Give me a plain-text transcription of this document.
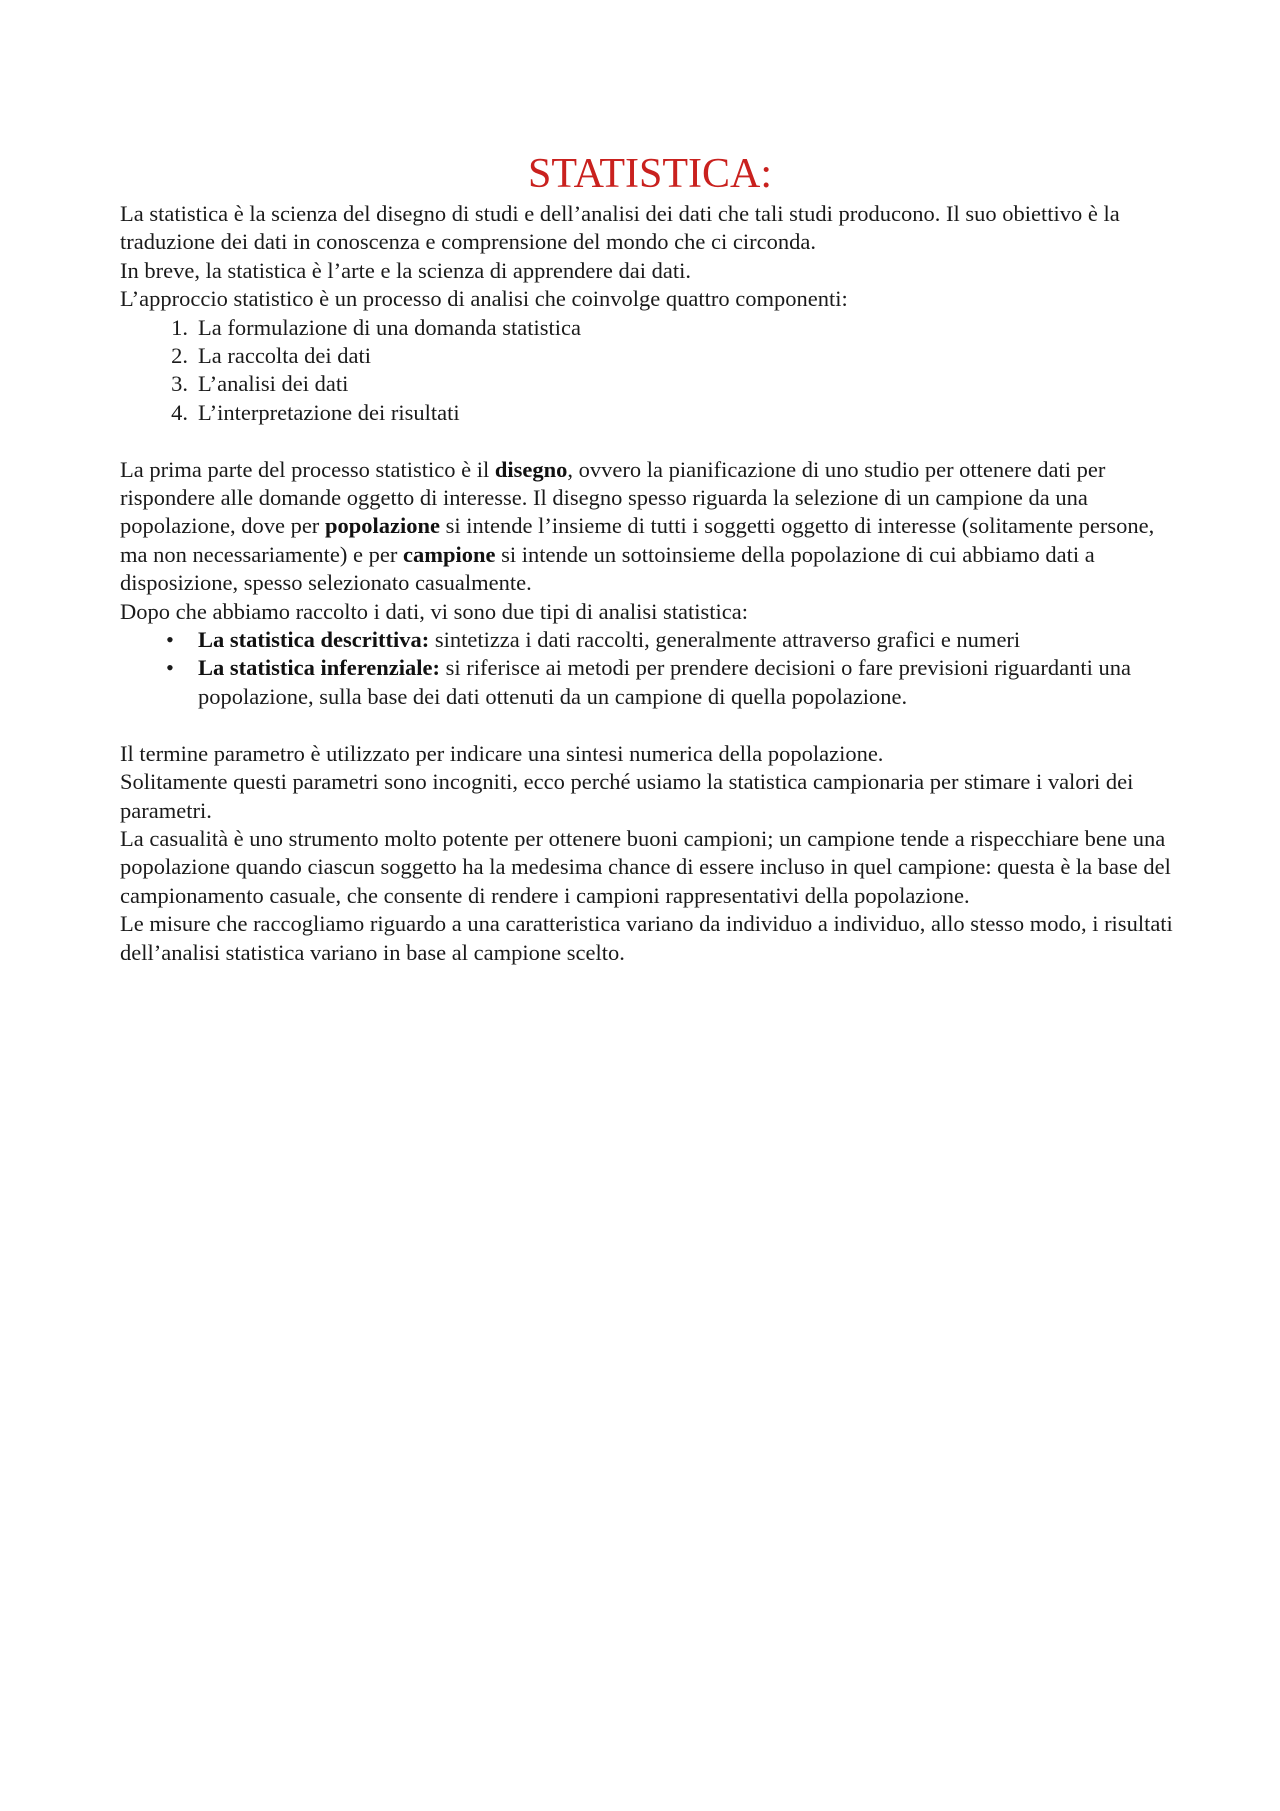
STATISTICA:

La statistica è la scienza del disegno di studi e dell’analisi dei dati che tali studi producono. Il suo obiettivo è la traduzione dei dati in conoscenza e comprensione del mondo che ci circonda.

In breve, la statistica è l’arte e la scienza di apprendere dai dati.

L’approccio statistico è un processo di analisi che coinvolge quattro componenti:

1. La formulazione di una domanda statistica
2. La raccolta dei dati
3. L’analisi dei dati
4. L’interpretazione dei risultati

La prima parte del processo statistico è il disegno, ovvero la pianificazione di uno studio per ottenere dati per rispondere alle domande oggetto di interesse. Il disegno spesso riguarda la selezione di un campione da una popolazione, dove per popolazione si intende l’insieme di tutti i soggetti oggetto di interesse (solitamente persone, ma non necessariamente) e per campione si intende un sottoinsieme della popolazione di cui abbiamo dati a disposizione, spesso selezionato casualmente.

Dopo che abbiamo raccolto i dati, vi sono due tipi di analisi statistica:

• La statistica descrittiva: sintetizza i dati raccolti, generalmente attraverso grafici e numeri
• La statistica inferenziale: si riferisce ai metodi per prendere decisioni o fare previsioni riguardanti una popolazione, sulla base dei dati ottenuti da un campione di quella popolazione.

Il termine parametro è utilizzato per indicare una sintesi numerica della popolazione.

Solitamente questi parametri sono incogniti, ecco perché usiamo la statistica campionaria per stimare i valori dei parametri.

La casualità è uno strumento molto potente per ottenere buoni campioni; un campione tende a rispecchiare bene una popolazione quando ciascun soggetto ha la medesima chance di essere incluso in quel campione: questa è la base del campionamento casuale, che consente di rendere i campioni rappresentativi della popolazione.

Le misure che raccogliamo riguardo a una caratteristica variano da individuo a individuo, allo stesso modo, i risultati dell’analisi statistica variano in base al campione scelto.
